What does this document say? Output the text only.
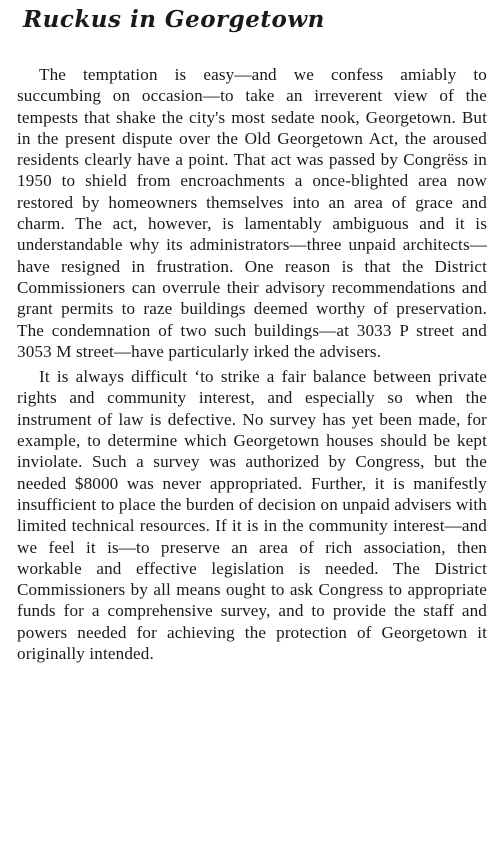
Ruckus in Georgetown

The temptation is easy—and we confess amiably to succumbing on occasion—to take an irreverent view of the tempests that shake the city's most sedate nook, Georgetown. But in the present dispute over the Old Georgetown Act, the aroused residents clearly have a point. That act was passed by Congrëss in 1950 to shield from encroachments a once-blighted area now restored by homeowners themselves into an area of grace and charm. The act, however, is lamentably ambiguous and it is understandable why its administrators—three unpaid architects—have resigned in frustration. One reason is that the District Commissioners can overrule their advisory recommendations and grant permits to raze buildings deemed worthy of preservation. The condemnation of two such buildings—at 3033 P street and 3053 M street—have particularly irked the advisers.

It is always difficult ‘to strike a fair balance between private rights and community interest, and especially so when the instrument of law is defective. No survey has yet been made, for example, to determine which Georgetown houses should be kept inviolate. Such a survey was authorized by Congress, but the needed $8000 was never appropriated. Further, it is manifestly insufficient to place the burden of decision on unpaid advisers with limited technical resources. If it is in the community interest—and we feel it is—to preserve an area of rich association, then workable and effective legislation is needed. The District Commissioners by all means ought to ask Congress to appropriate funds for a comprehensive survey, and to provide the staff and powers needed for achieving the protection of Georgetown it originally intended.
